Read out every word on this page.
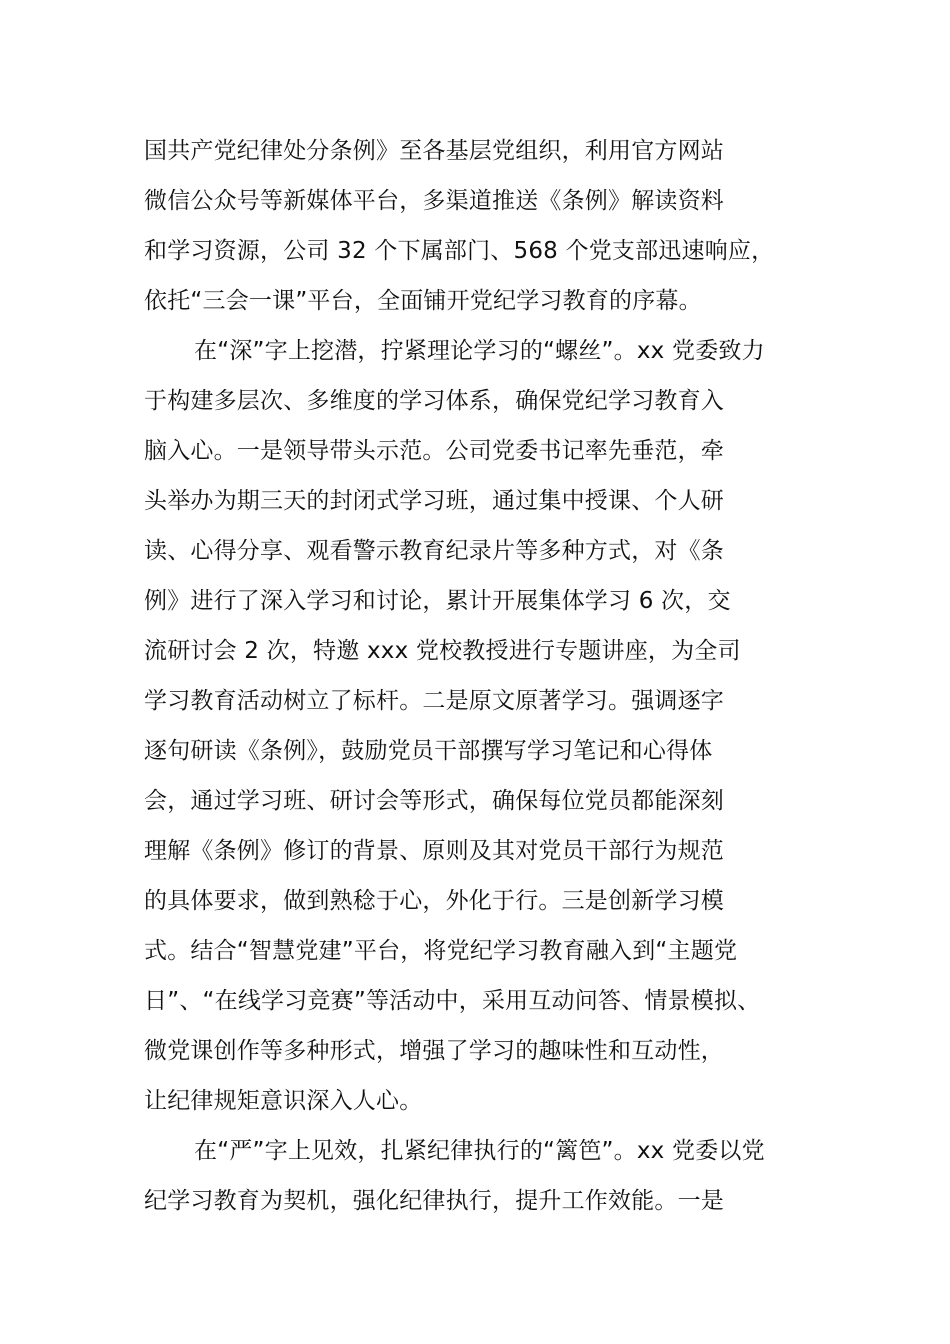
国共产党纪律处分条例》至各基层党组织，利用官方网站
微信公众号等新媒体平台，多渠道推送《条例》解读资料
和学习资源，公司 32 个下属部门、568 个党支部迅速响应，
依托“三会一课”平台，全面铺开党纪学习教育的序幕。
在“深”字上挖潜，拧紧理论学习的“螺丝”。xx 党委致力
于构建多层次、多维度的学习体系，确保党纪学习教育入
脑入心。一是领导带头示范。公司党委书记率先垂范，牵
头举办为期三天的封闭式学习班，通过集中授课、个人研
读、心得分享、观看警示教育纪录片等多种方式，对《条
例》进行了深入学习和讨论，累计开展集体学习 6 次，交
流研讨会 2 次，特邀 xxx 党校教授进行专题讲座，为全司
学习教育活动树立了标杆。二是原文原著学习。强调逐字
逐句研读《条例》，鼓励党员干部撰写学习笔记和心得体
会，通过学习班、研讨会等形式，确保每位党员都能深刻
理解《条例》修订的背景、原则及其对党员干部行为规范
的具体要求，做到熟稔于心，外化于行。三是创新学习模
式。结合“智慧党建”平台，将党纪学习教育融入到“主题党
日”、“在线学习竞赛”等活动中，采用互动问答、情景模拟、
微党课创作等多种形式，增强了学习的趣味性和互动性，
让纪律规矩意识深入人心。
在“严”字上见效，扎紧纪律执行的“篱笆”。xx 党委以党
纪学习教育为契机，强化纪律执行，提升工作效能。一是
